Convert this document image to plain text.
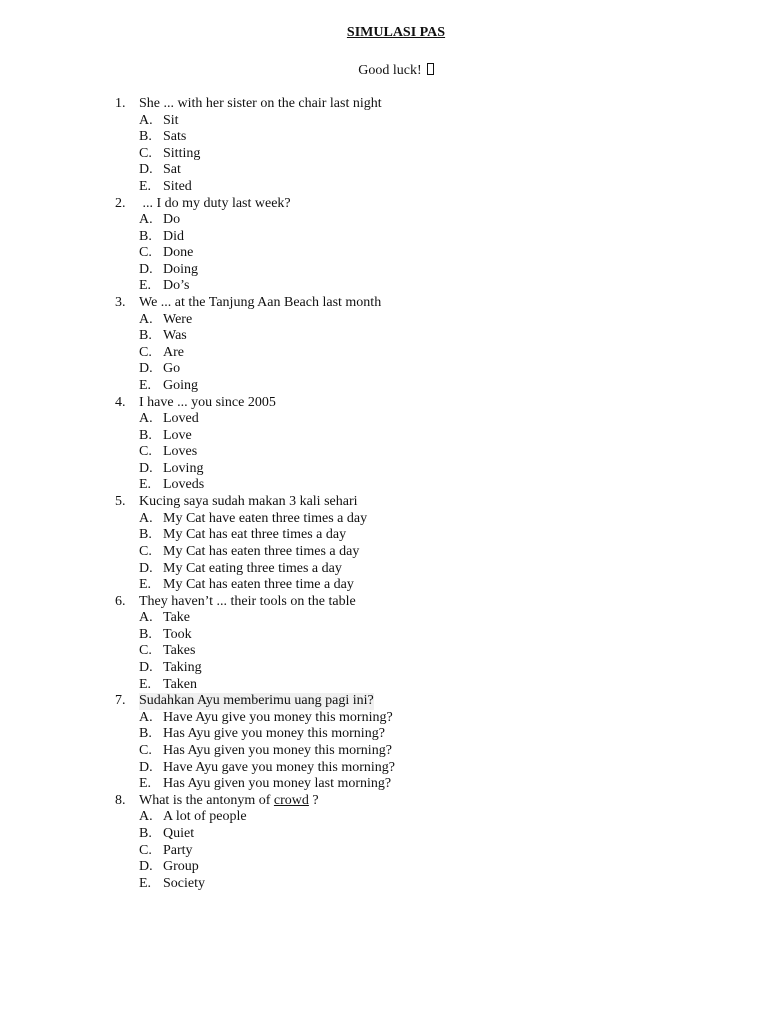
SIMULASI PAS
Good luck!
1. She ... with her sister on the chair last night
A. Sit
B. Sats
C. Sitting
D. Sat
E. Sited
2. ... I do my duty last week?
A. Do
B. Did
C. Done
D. Doing
E. Do’s
3. We ... at the Tanjung Aan Beach last month
A. Were
B. Was
C. Are
D. Go
E. Going
4. I have ... you since 2005
A. Loved
B. Love
C. Loves
D. Loving
E. Loveds
5. Kucing saya sudah makan 3 kali sehari
A. My Cat have eaten three times a day
B. My Cat has eat three times a day
C. My Cat has eaten three times a day
D. My Cat eating three times a day
E. My Cat has eaten three time a day
6. They haven’t ... their tools on the table
A. Take
B. Took
C. Takes
D. Taking
E. Taken
7. Sudahkan Ayu memberimu uang pagi ini?
A. Have Ayu give you money this morning?
B. Has Ayu give you money this morning?
C. Has Ayu given you money this morning?
D. Have Ayu gave you money this morning?
E. Has Ayu given you money last morning?
8. What is the antonym of crowd ?
A. A lot of people
B. Quiet
C. Party
D. Group
E. Society
